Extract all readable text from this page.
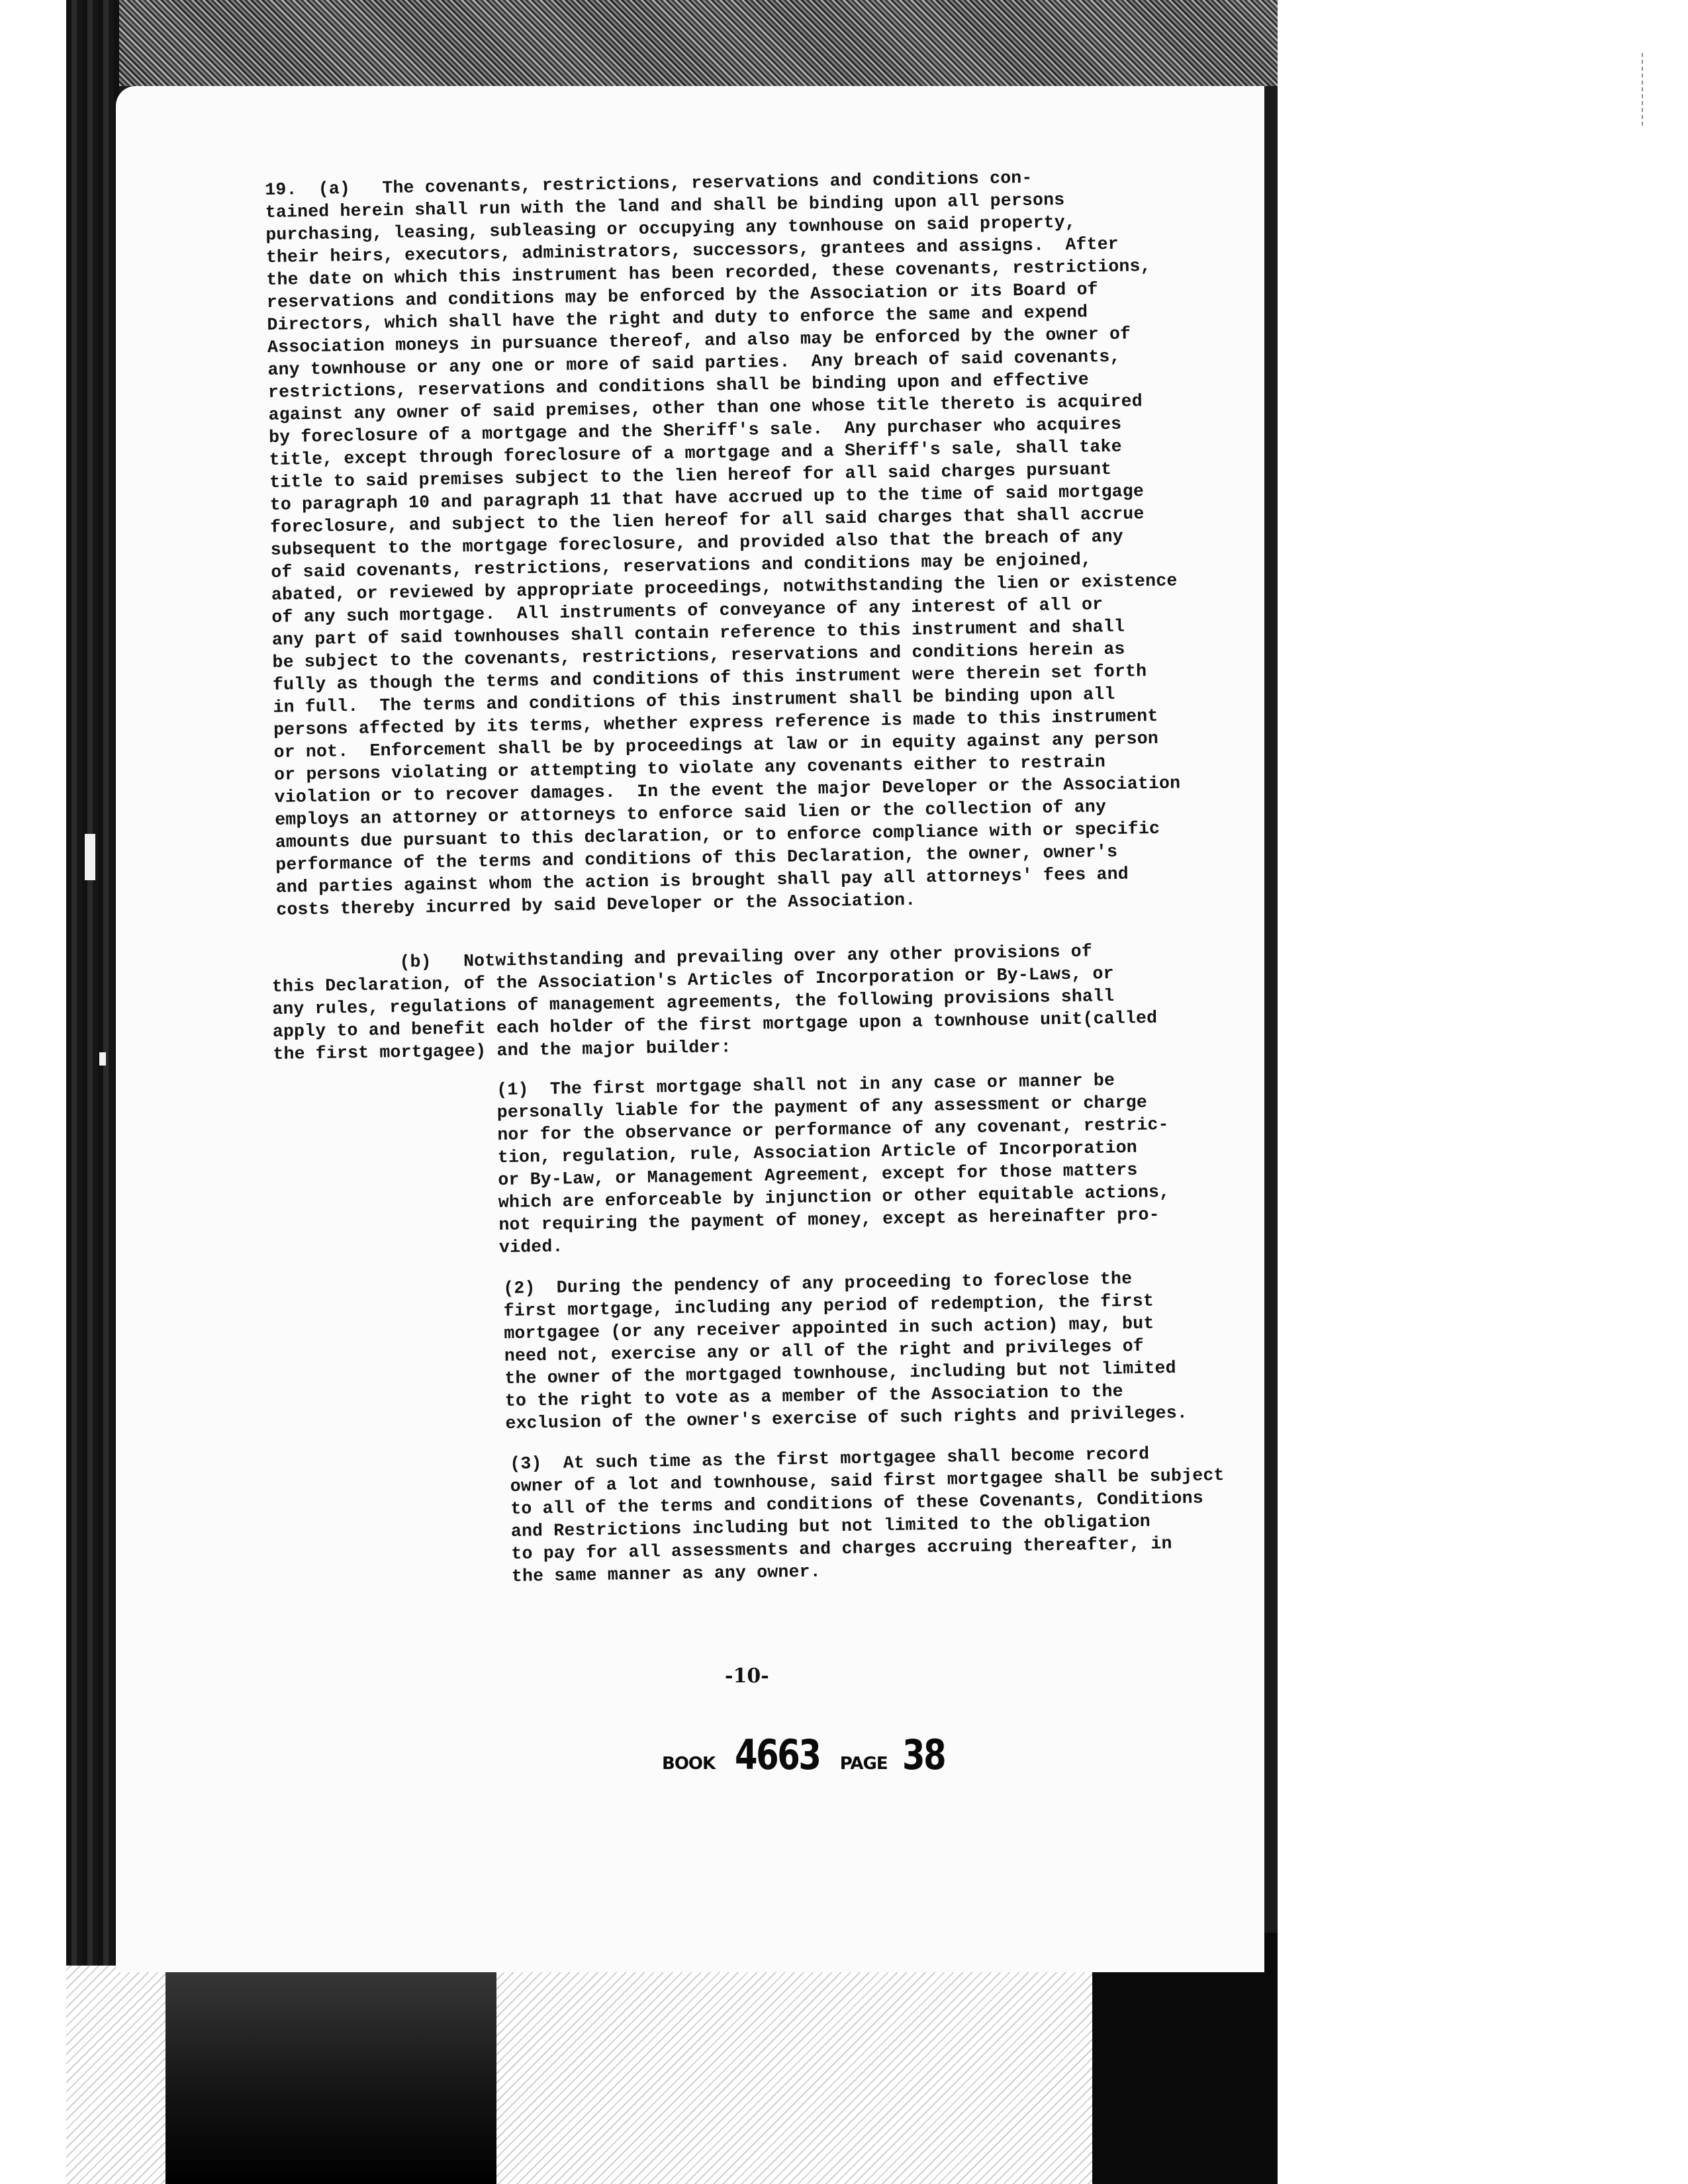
19.  (a)   The covenants, restrictions, reservations and conditions con-
tained herein shall run with the land and shall be binding upon all persons
purchasing, leasing, subleasing or occupying any townhouse on said property,
their heirs, executors, administrators, successors, grantees and assigns.  After
the date on which this instrument has been recorded, these covenants, restrictions,
reservations and conditions may be enforced by the Association or its Board of
Directors, which shall have the right and duty to enforce the same and expend
Association moneys in pursuance thereof, and also may be enforced by the owner of
any townhouse or any one or more of said parties.  Any breach of said covenants,
restrictions, reservations and conditions shall be binding upon and effective
against any owner of said premises, other than one whose title thereto is acquired
by foreclosure of a mortgage and the Sheriff's sale.  Any purchaser who acquires
title, except through foreclosure of a mortgage and a Sheriff's sale, shall take
title to said premises subject to the lien hereof for all said charges pursuant
to paragraph 10 and paragraph 11 that have accrued up to the time of said mortgage
foreclosure, and subject to the lien hereof for all said charges that shall accrue
subsequent to the mortgage foreclosure, and provided also that the breach of any
of said covenants, restrictions, reservations and conditions may be enjoined,
abated, or reviewed by appropriate proceedings, notwithstanding the lien or existence
of any such mortgage.  All instruments of conveyance of any interest of all or
any part of said townhouses shall contain reference to this instrument and shall
be subject to the covenants, restrictions, reservations and conditions herein as
fully as though the terms and conditions of this instrument were therein set forth
in full.  The terms and conditions of this instrument shall be binding upon all
persons affected by its terms, whether express reference is made to this instrument
or not.  Enforcement shall be by proceedings at law or in equity against any person
or persons violating or attempting to violate any covenants either to restrain
violation or to recover damages.  In the event the major Developer or the Association
employs an attorney or attorneys to enforce said lien or the collection of any
amounts due pursuant to this declaration, or to enforce compliance with or specific
performance of the terms and conditions of this Declaration, the owner, owner's
and parties against whom the action is brought shall pay all attorneys' fees and
costs thereby incurred by said Developer or the Association.
(b)   Notwithstanding and prevailing over any other provisions of
this Declaration, of the Association's Articles of Incorporation or By-Laws, or
any rules, regulations of management agreements, the following provisions shall
apply to and benefit each holder of the first mortgage upon a townhouse unit(called
the first mortgagee) and the major builder:
(1)  The first mortgage shall not in any case or manner be
personally liable for the payment of any assessment or charge
nor for the observance or performance of any covenant, restric-
tion, regulation, rule, Association Article of Incorporation
or By-Law, or Management Agreement, except for those matters
which are enforceable by injunction or other equitable actions,
not requiring the payment of money, except as hereinafter pro-
vided.
(2)  During the pendency of any proceeding to foreclose the
first mortgage, including any period of redemption, the first
mortgagee (or any receiver appointed in such action) may, but
need not, exercise any or all of the right and privileges of
the owner of the mortgaged townhouse, including but not limited
to the right to vote as a member of the Association to the
exclusion of the owner's exercise of such rights and privileges.
(3)  At such time as the first mortgagee shall become record
owner of a lot and townhouse, said first mortgagee shall be subject
to all of the terms and conditions of these Covenants, Conditions
and Restrictions including but not limited to the obligation
to pay for all assessments and charges accruing thereafter, in
the same manner as any owner.
-10-
BOOK 4663 PAGE 38
